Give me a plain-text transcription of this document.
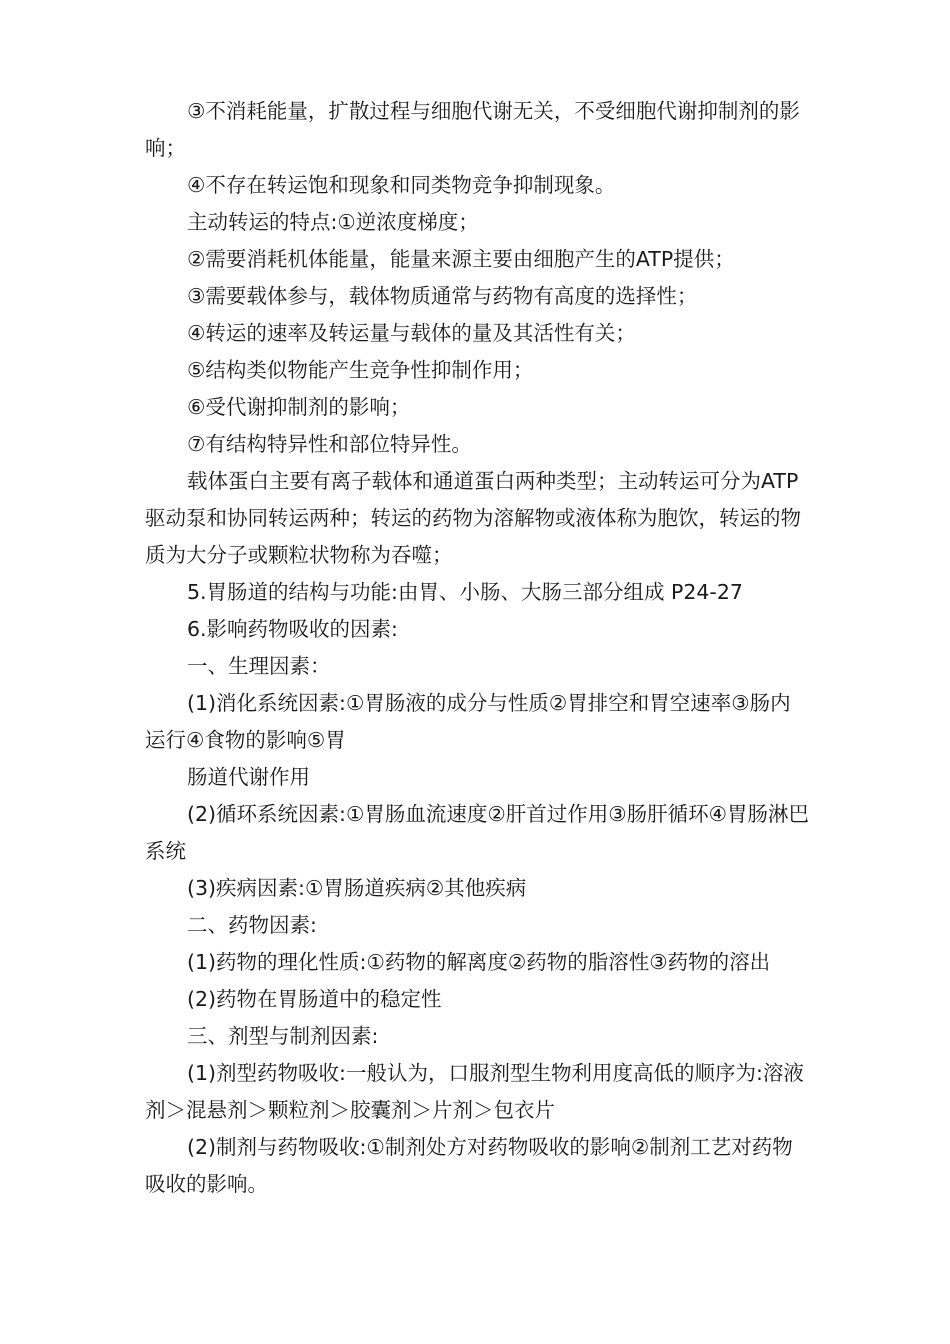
③不消耗能量，扩散过程与细胞代谢无关，不受细胞代谢抑制剂的影响；

④不存在转运饱和现象和同类物竞争抑制现象。

主动转运的特点:①逆浓度梯度；

②需要消耗机体能量，能量来源主要由细胞产生的ATP提供；

③需要载体参与，载体物质通常与药物有高度的选择性；

④转运的速率及转运量与载体的量及其活性有关；

⑤结构类似物能产生竞争性抑制作用；

⑥受代谢抑制剂的影响；

⑦有结构特异性和部位特异性。

载体蛋白主要有离子载体和通道蛋白两种类型；主动转运可分为ATP 驱动泵和协同转运两种；转运的药物为溶解物或液体称为胞饮，转运的物质为大分子或颗粒状物称为吞噬；

5.胃肠道的结构与功能:由胃、小肠、大肠三部分组成 P24-27

6.影响药物吸收的因素:

一、生理因素：

(1)消化系统因素:①胃肠液的成分与性质②胃排空和胃空速率③肠内运行④食物的影响⑤胃

肠道代谢作用

(2)循环系统因素:①胃肠血流速度②肝首过作用③肠肝循环④胃肠淋巴系统

(3)疾病因素:①胃肠道疾病②其他疾病

二、药物因素:

(1)药物的理化性质:①药物的解离度②药物的脂溶性③药物的溶出

(2)药物在胃肠道中的稳定性

三、剂型与制剂因素:

(1)剂型药物吸收:一般认为，口服剂型生物利用度高低的顺序为:溶液剂＞混悬剂＞颗粒剂＞胶囊剂＞片剂＞包衣片

(2)制剂与药物吸收:①制剂处方对药物吸收的影响②制剂工艺对药物吸收的影响。
